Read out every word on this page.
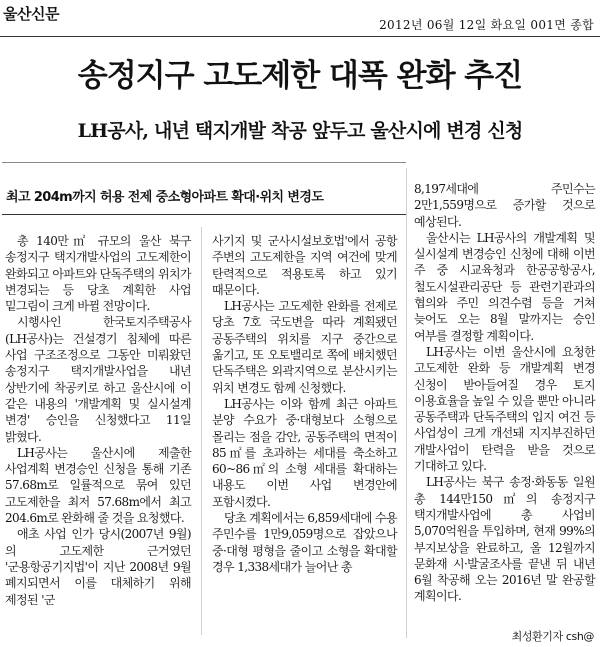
울산신문
2012년 06월 12일 화요일 001면 종합
송정지구 고도제한 대폭 완화 추진
LH공사, 내년 택지개발 착공 앞두고 울산시에 변경 신청
최고 204m까지 허용 전제 중소형아파트 확대·위치 변경도

총 140만㎡ 규모의 울산 북구 송정지구 택지개발사업의 고도제한이 완화되고 아파트와 단독주택의 위치가 변경되는 등 당초 계획한 사업 밑그림이 크게 바뀔 전망이다.

시행사인 한국토지주택공사(LH공사)는 건설경기 침체에 따른 사업 구조조정으로 그동안 미뤄왔던 송정지구 택지개발사업을 내년 상반기에 착공키로 하고 울산시에 이 같은 내용의 '개발계획 및 실시설계 변경' 승인을 신청했다고 11일 밝혔다.

LH공사는 울산시에 제출한 사업계획 변경승인 신청을 통해 기존 57.68m로 일률적으로 묶여 있던 고도제한을 최저 57.68m에서 최고 204.6m로 완화해 줄 것을 요청했다.

애초 사업 인가 당시(2007년 9월)의 고도제한 근거였던 '군용항공기지법'이 지난 2008년 9월 폐지되면서 이를 대체하기 위해 제정된 '군

사기지 및 군사시설보호법'에서 공항 주변의 고도제한을 지역 여건에 맞게 탄력적으로 적용토록 하고 있기 때문이다.

LH공사는 고도제한 완화를 전제로 당초 7호 국도변을 따라 계획됐던 공동주택의 위치를 지구 중간으로 옮기고, 또 오토밸리로 쪽에 배치했던 단독주택은 외곽지역으로 분산시키는 위치 변경도 함께 신청했다.

LH공사는 이와 함께 최근 아파트 분양 수요가 중·대형보다 소형으로 몰리는 점을 감안, 공동주택의 면적이 85㎡를 초과하는 세대를 축소하고 60~86㎡의 소형 세대를 확대하는 내용도 이번 사업 변경안에 포함시켰다.

당초 계획에서는 6,859세대에 수용 주민수를 1만9,059명으로 잡았으나 중·대형 평형을 줄이고 소형을 확대할 경우 1,338세대가 늘어난 총

8,197세대에 주민수는 2만1,559명으로 증가할 것으로 예상된다.

울산시는 LH공사의 개발계획 및 실시설계 변경승인 신청에 대해 이번 주 중 시교육청과 한공공항공사, 철도시설관리공단 등 관련기관과의 협의와 주민 의견수렴 등을 거쳐 늦어도 오는 8월 말까지는 승인 여부를 결정할 계획이다.

LH공사는 이번 울산시에 요청한 고도제한 완화 등 개발계획 변경 신청이 받아들여질 경우 토지 이용효율을 높일 수 있을 뿐만 아니라 공동주택과 단독주택의 입지 여건 등 사업성이 크게 개선돼 지지부진하던 개발사업이 탄력을 받을 것으로 기대하고 있다.

LH공사는 북구 송정·화동동 일원 총 144만150㎡의 송정지구 택지개발사업에 총 사업비 5,070억원을 투입하며, 현재 99%의 부지보상을 완료하고, 올 12월까지 문화재 시·발굴조사를 끝낸 뒤 내년 6월 착공해 오는 2016년 말 완공할 계획이다.

최성환기자 csh@
